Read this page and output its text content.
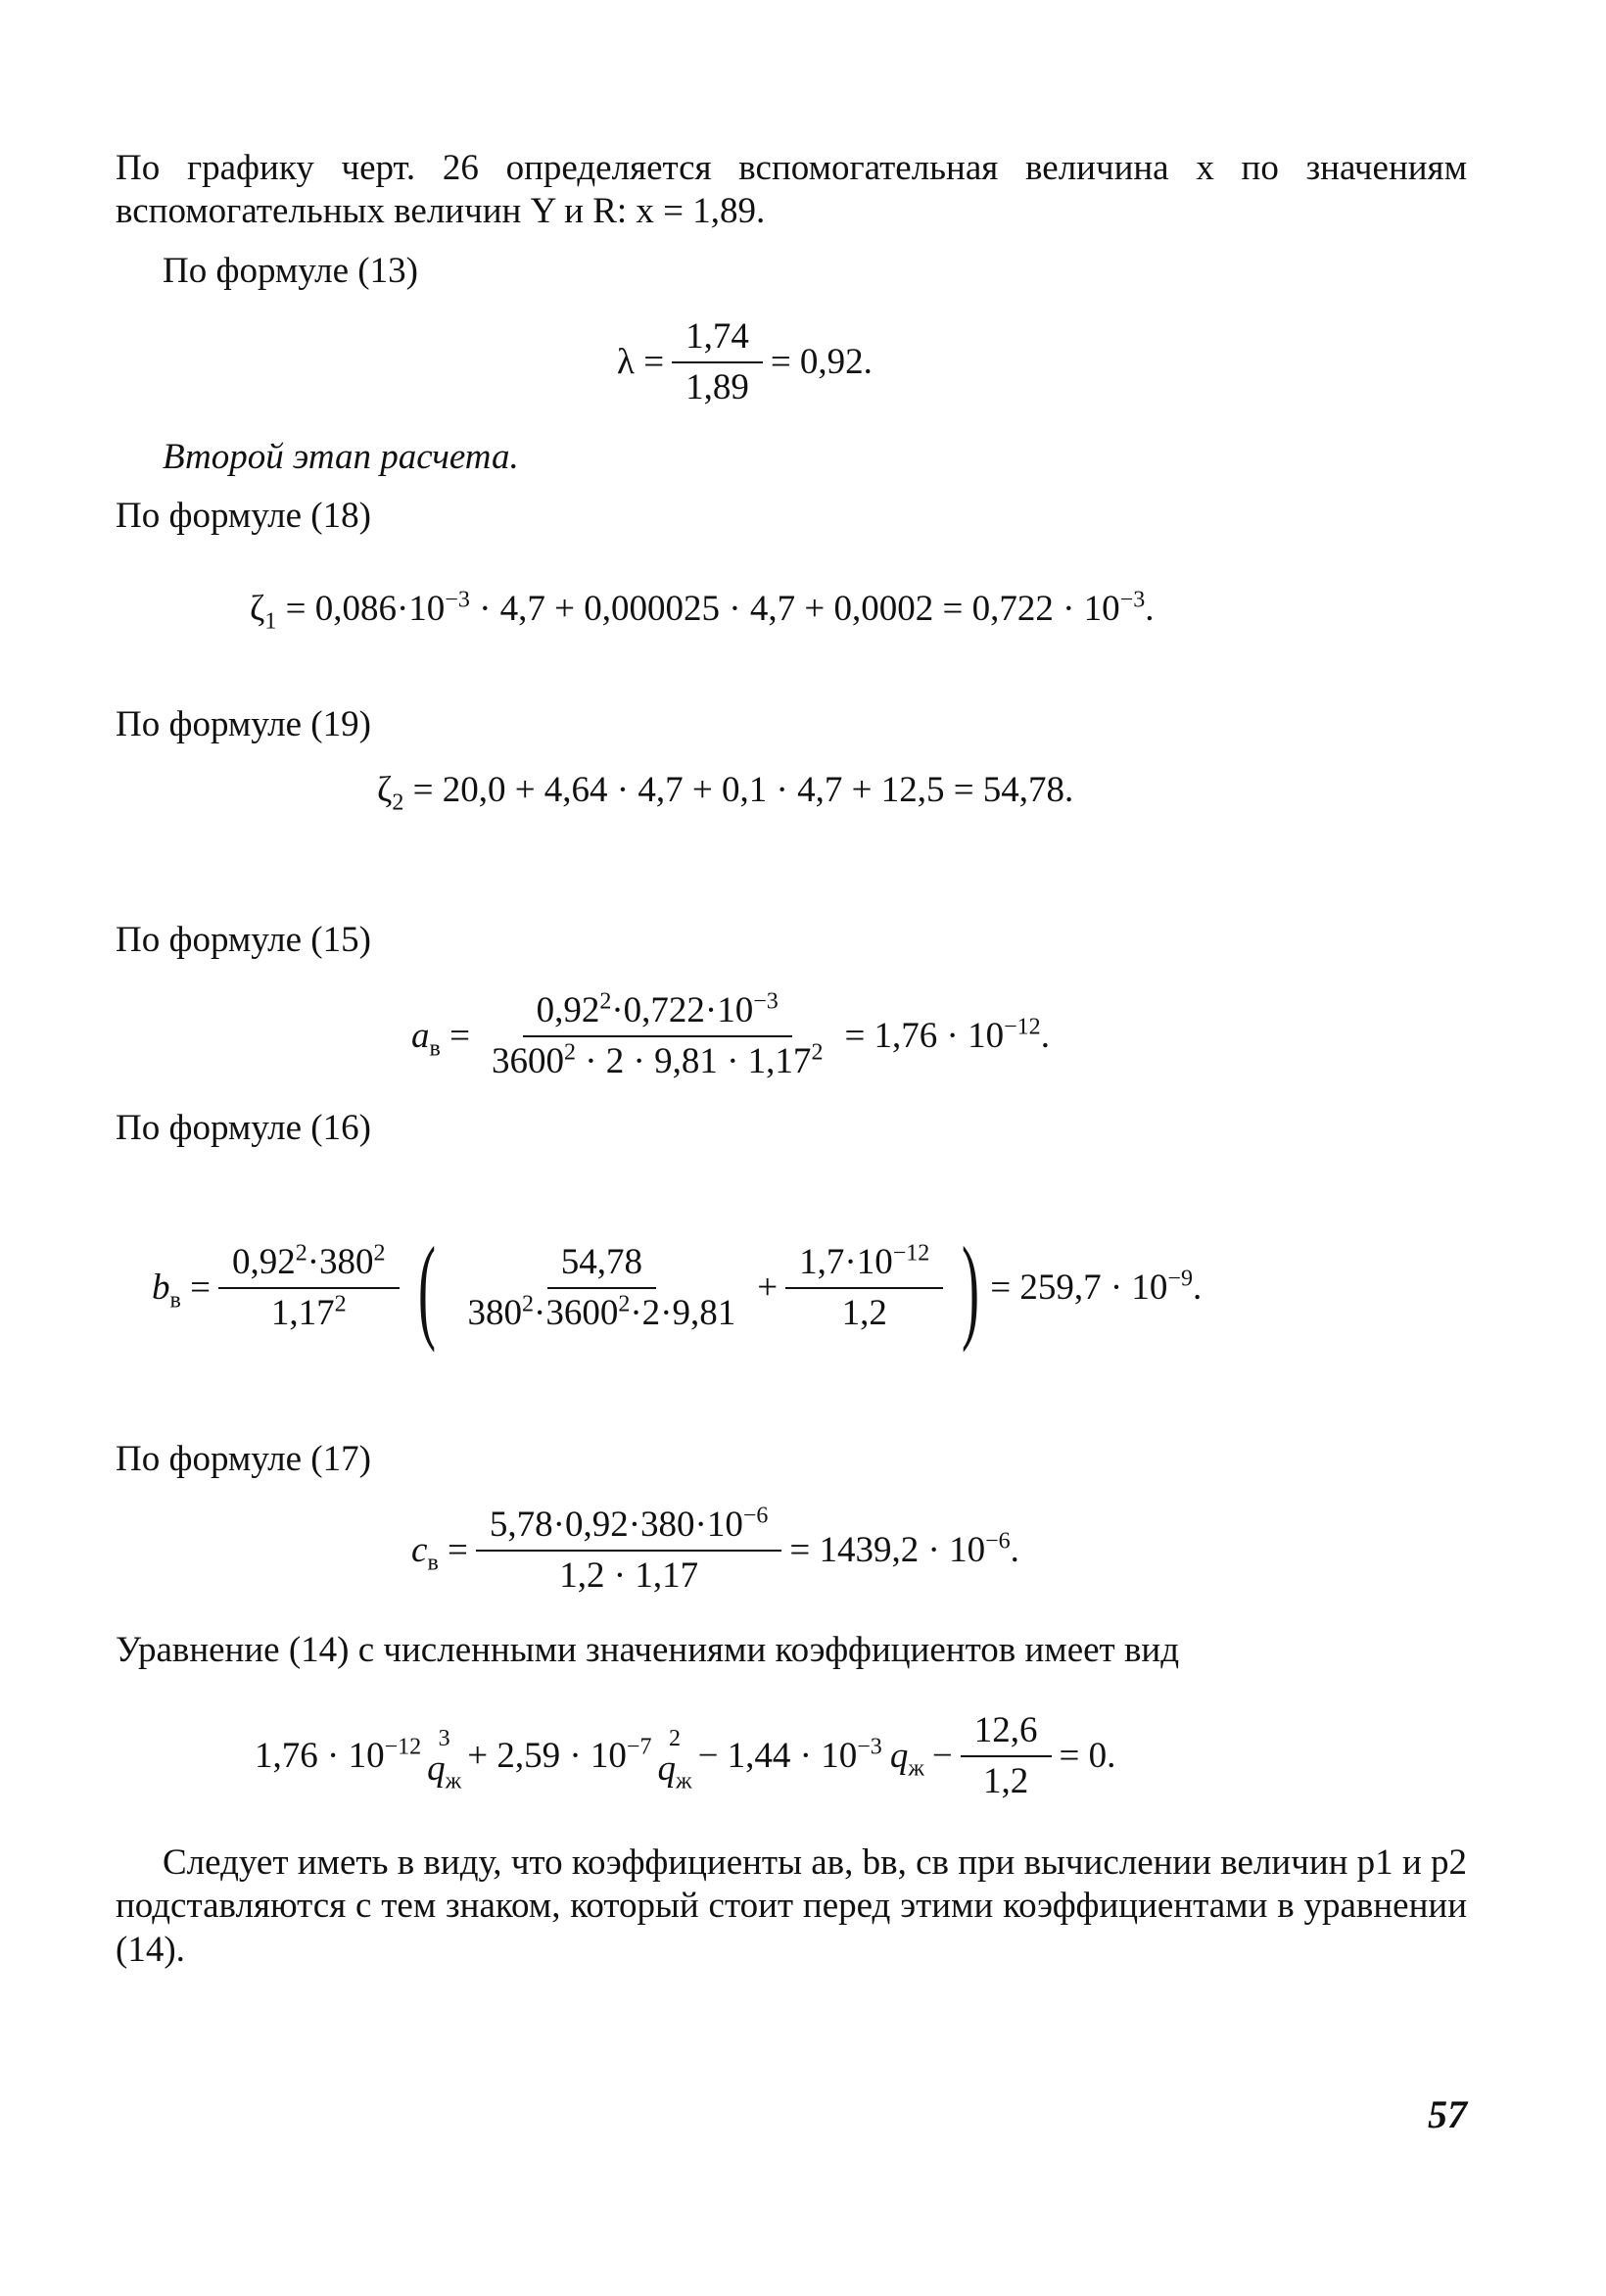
По графику черт. 26 определяется вспомогательная величина x по значениям вспомогательных величин Y и R: x = 1,89.
По формуле (13)
$\lambda = \frac{1,74}{1,89} = 0,92$.
Второй этап расчета.
По формуле (18)
$\zeta_1 = 0,086\cdot 10^{-3} \cdot 4,7 + 0,000025 \cdot 4,7 + 0,0002 = 0,722 \cdot 10^{-3}$.
По формуле (19)
$\zeta_2 = 20,0 + 4,64 \cdot 4,7 + 0,1 \cdot 4,7 + 12,5 = 54,78$.
По формуле (15)
$a_в = \frac{0,92^2\cdot 0,722\cdot 10^{-3}}{3600^2 \cdot 2 \cdot 9,81 \cdot 1,17^2} = 1,76 \cdot 10^{-12}$.
По формуле (16)
$b_в = \frac{0,92^2\cdot 380^2}{1,17^2}$ ( $\frac{54,78}{380^2\cdot 3600^2\cdot 2\cdot 9,81} + \frac{1,7\cdot 10^{-12}}{1,2}$ ) = $259,7 \cdot 10^{-9}$.
По формуле (17)
$c_в = \frac{5,78\cdot 0,92\cdot 380\cdot 10^{-6}}{1,2 \cdot 1,17} = 1439,2 \cdot 10^{-6}$.
Уравнение (14) с численными значениями коэффициентов имеет вид
$1,76 \cdot 10^{-12}$ 3
$q_ж$
+ $2,59 \cdot 10^{-7}$ 2
$q_ж$
− $1,44 \cdot 10^{-3}$ $q_ж - \frac{12,6}{1,2} = 0$.
Следует иметь в виду, что коэффициенты aв, bв, cв при вычислении величин p1 и p2 подставляются с тем знаком, который стоит перед этими коэффициентами в уравнении (14).
57
